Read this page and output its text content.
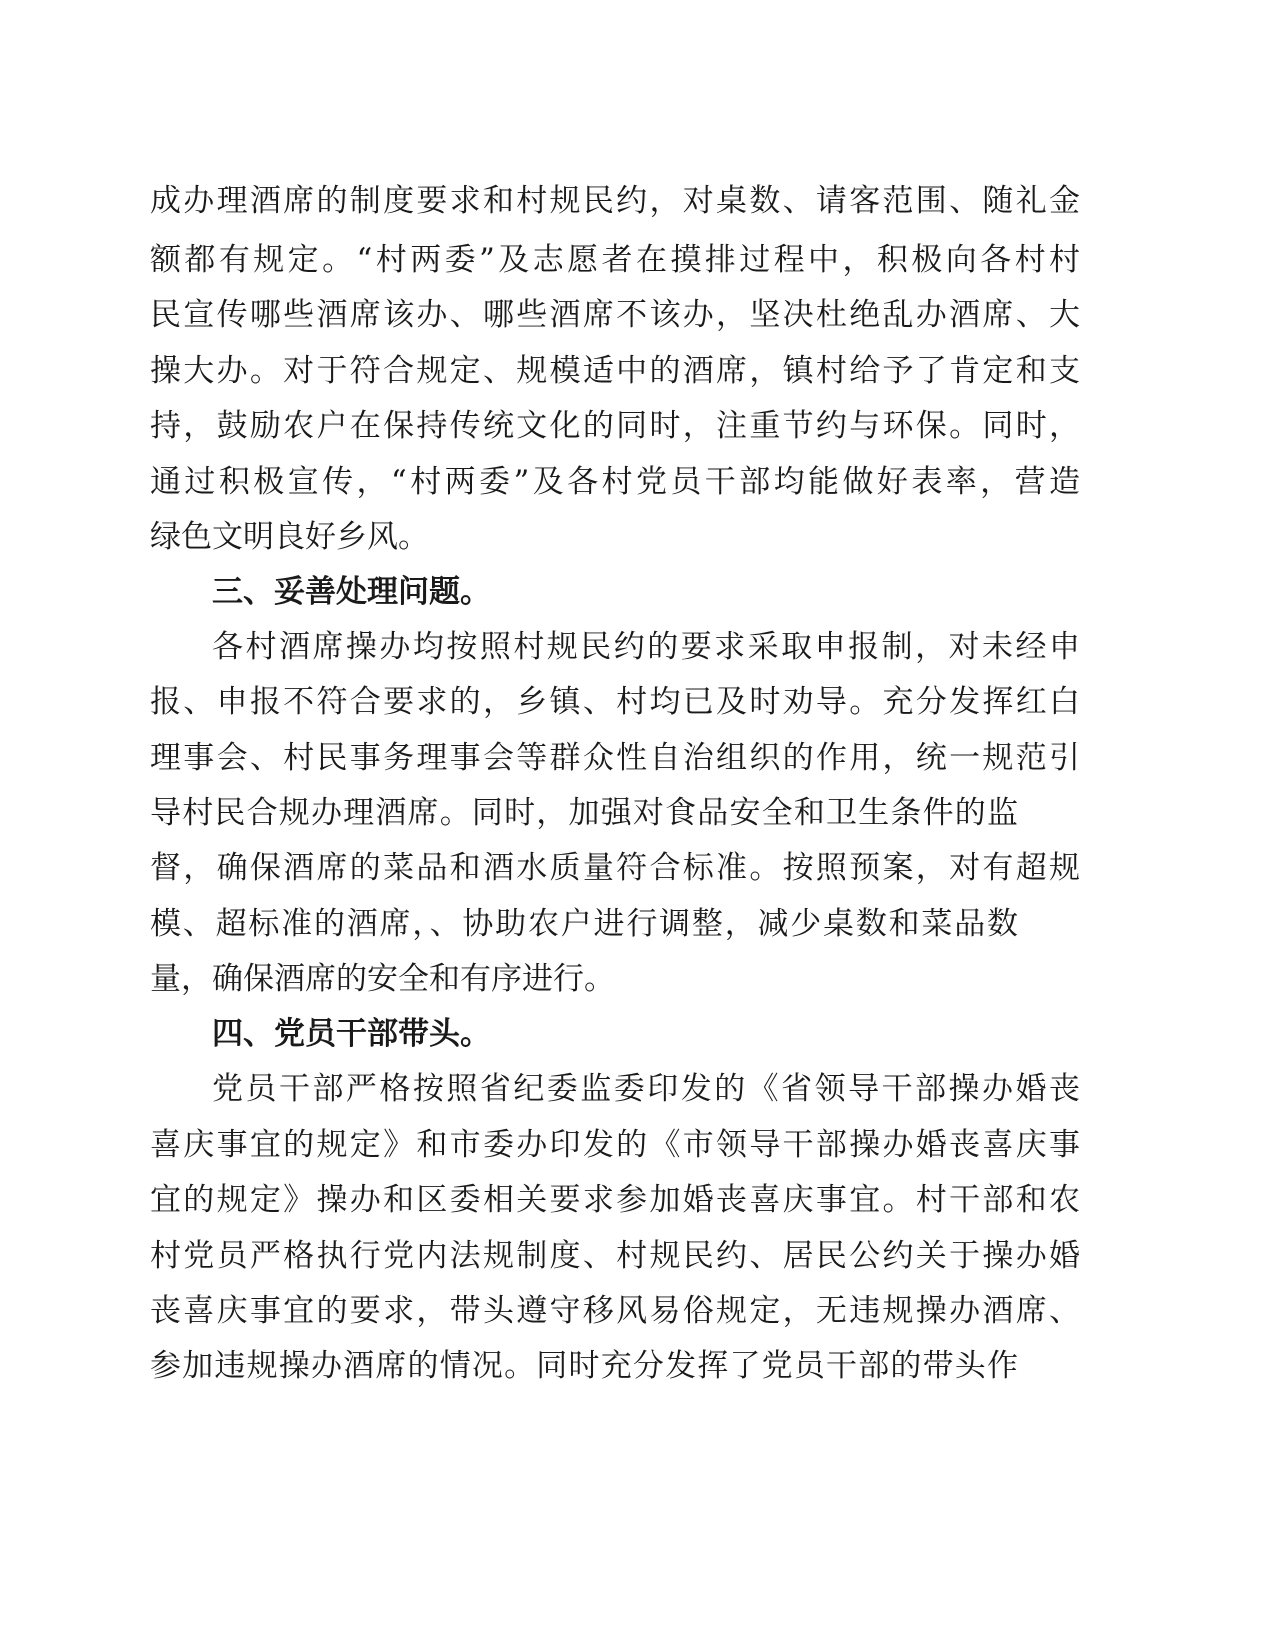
成办理酒席的制度要求和村规民约，对桌数、请客范围、随礼金
额都有规定。“村两委”及志愿者在摸排过程中，积极向各村村
民宣传哪些酒席该办、哪些酒席不该办，坚决杜绝乱办酒席、大
操大办。对于符合规定、规模适中的酒席，镇村给予了肯定和支
持，鼓励农户在保持传统文化的同时，注重节约与环保。同时，
通过积极宣传，“村两委”及各村党员干部均能做好表率，营造
绿色文明良好乡风。
三、妥善处理问题。
各村酒席操办均按照村规民约的要求采取申报制，对未经申
报、申报不符合要求的，乡镇、村均已及时劝导。充分发挥红白
理事会、村民事务理事会等群众性自治组织的作用，统一规范引
导村民合规办理酒席。同时，加强对食品安全和卫生条件的监
督，确保酒席的菜品和酒水质量符合标准。按照预案，对有超规
模、超标准的酒席，、协助农户进行调整，减少桌数和菜品数
量，确保酒席的安全和有序进行。
四、党员干部带头。
党员干部严格按照省纪委监委印发的《省领导干部操办婚丧
喜庆事宜的规定》和市委办印发的《市领导干部操办婚丧喜庆事
宜的规定》操办和区委相关要求参加婚丧喜庆事宜。村干部和农
村党员严格执行党内法规制度、村规民约、居民公约关于操办婚
丧喜庆事宜的要求，带头遵守移风易俗规定，无违规操办酒席、
参加违规操办酒席的情况。同时充分发挥了党员干部的带头作
